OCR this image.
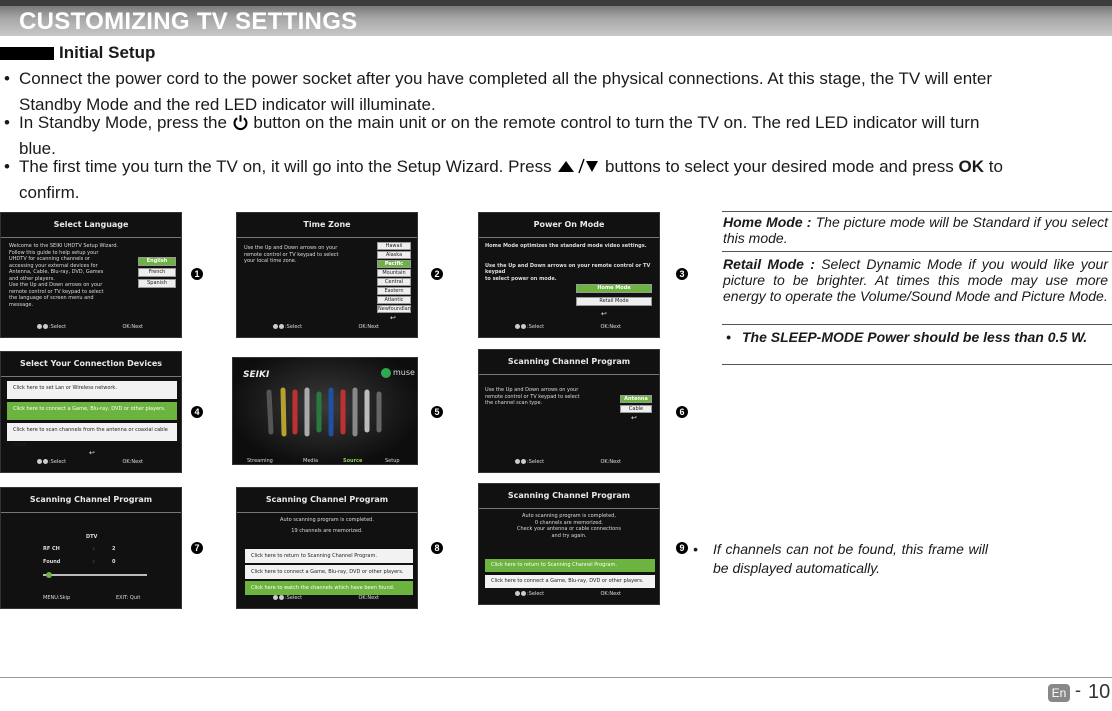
CUSTOMIZING TV SETTINGS
Initial Setup
• Connect the power cord to the power socket after you have completed all the physical connections. At this stage, the TV will enter
Standby Mode and the red LED indicator will illuminate.
• In Standby Mode, press the button on the main unit or on the remote control to turn the TV on. The red LED indicator will turn
blue.
• The first time you turn the TV on, it will go into the Setup Wizard. Press	buttons to select your desired mode and press OK to
confirm.
Select Language
Welcome to the SEIKI UHDTV Setup Wizard.
Follow this guide to help setup your
UHDTV for scanning channels or
accessing your external devices for
Antenna, Cable, Blu-ray, DVD, Games
and other players.
Use the Up and Down arrows on your
remote control or TV keypad to select
the language of screen menu and
message.
English
French
Spanish
:Select	OK:Next
Time Zone
Use the Up and Down arrows on your
remote control or TV keypad to select
your local time zone.
Hawaii
Alaska
Pacific
Mountain
Central
Eastern
Atlantic
Newfoundland
↩
:Select	OK:Next
Power On Mode
Home Mode optimizes the standard mode video settings.
Use the Up and Down arrows on your remote control or TV keypad
to select power on mode.
Home Mode
Retail Mode
↩
:Select	OK:Next
Select Your Connection Devices
Click here to set Lan or Wireless network.
Click here to connect a Game, Blu-ray, DVD or other players.
Click here to scan channels from the antenna or coaxial cable input.
↩
:Select	OK:Next
SEIKI	muse
Streaming	Media	Source	Setup
Scanning Channel Program
Use the Up and Down arrows on your
remote control or TV keypad to select
the channel scan type.
Antenna
Cable
↩
:Select	OK:Next
Scanning Channel Program
DTV
RF CH	:	2
Found	:	0
MENU:Skip	EXIT: Quit
Scanning Channel Program
Auto scanning program is completed.
19 channels are memorized.
Click here to return to Scanning Channel Program.
Click here to connect a Game, Blu-ray, DVD or other players.
Click here to watch the channels which have been found.
:Select	OK:Next
Scanning Channel Program
Auto scanning program is completed,
0 channels are memorized.
Check your antenna or cable connections
and try again.
Click here to return to Scanning Channel Program.
Click here to connect a Game, Blu-ray, DVD or other players.
:Select	OK:Next
1	2	3
4	5	6
7	8	9
Home Mode : The picture mode will be Standard if you select this mode.
Retail Mode : Select Dynamic Mode if you would like your picture to be brighter. At times this mode may use more energy to operate the Volume/Sound Mode and Picture Mode.
• The SLEEP-MODE Power should be less than 0.5 W.
•	If channels can not be found, this frame will be displayed automatically.
En - 10
